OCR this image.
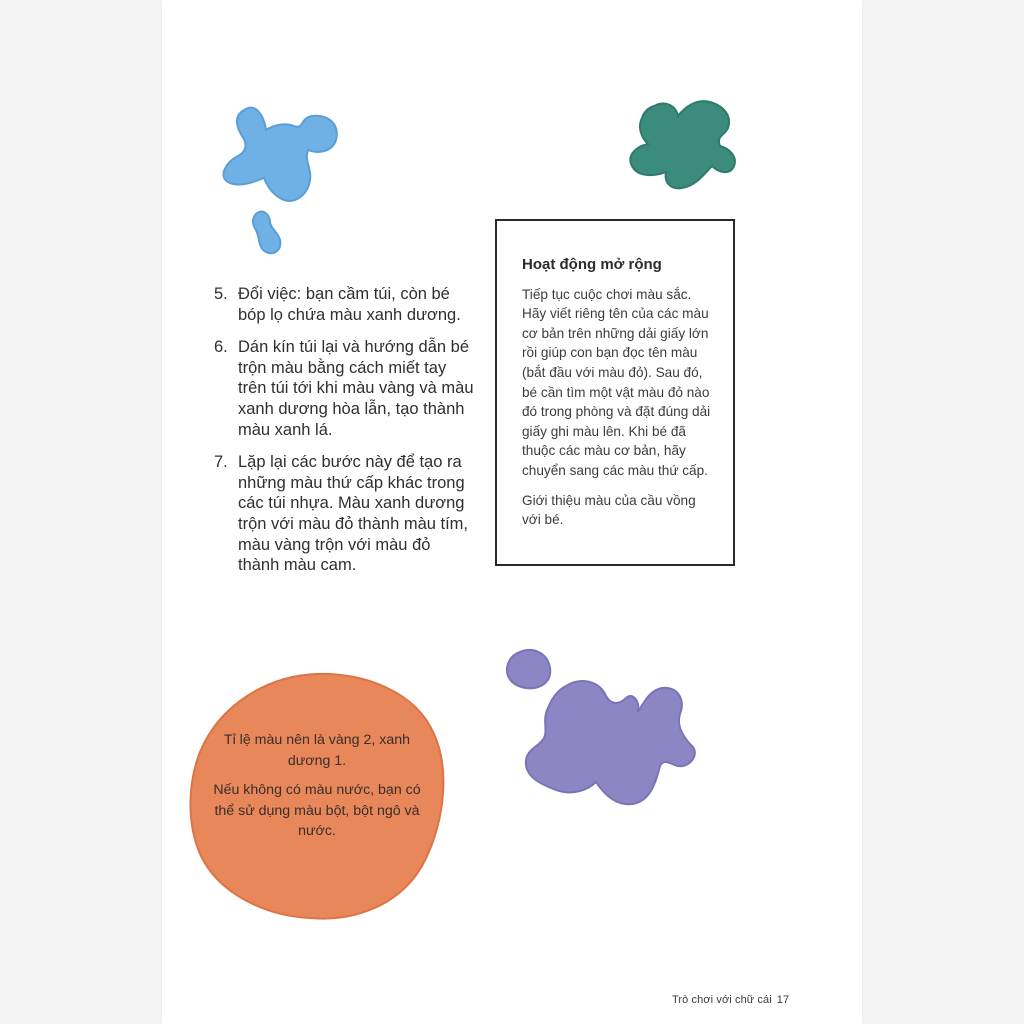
5. Đổi việc: bạn cầm túi, còn bé bóp lọ chứa màu xanh dương.
6. Dán kín túi lại và hướng dẫn bé trộn màu bằng cách miết tay trên túi tới khi màu vàng và màu xanh dương hòa lẫn, tạo thành màu xanh lá.
7. Lặp lại các bước này để tạo ra những màu thứ cấp khác trong các túi nhựa. Màu xanh dương trộn với màu đỏ thành màu tím, màu vàng trộn với màu đỏ thành màu cam.
Hoạt động mở rộng

Tiếp tục cuộc chơi màu sắc. Hãy viết riêng tên của các màu cơ bản trên những dải giấy lớn rồi giúp con bạn đọc tên màu (bắt đầu với màu đỏ). Sau đó, bé cần tìm một vật màu đỏ nào đó trong phòng và đặt đúng dải giấy ghi màu lên. Khi bé đã thuộc các màu cơ bản, hãy chuyển sang các màu thứ cấp.

Giới thiệu màu của cầu vồng với bé.

Tỉ lệ màu nên là vàng 2, xanh dương 1.

Nếu không có màu nước, bạn có thể sử dụng màu bột, bột ngô và nước.

Trò chơi với chữ cái 17
